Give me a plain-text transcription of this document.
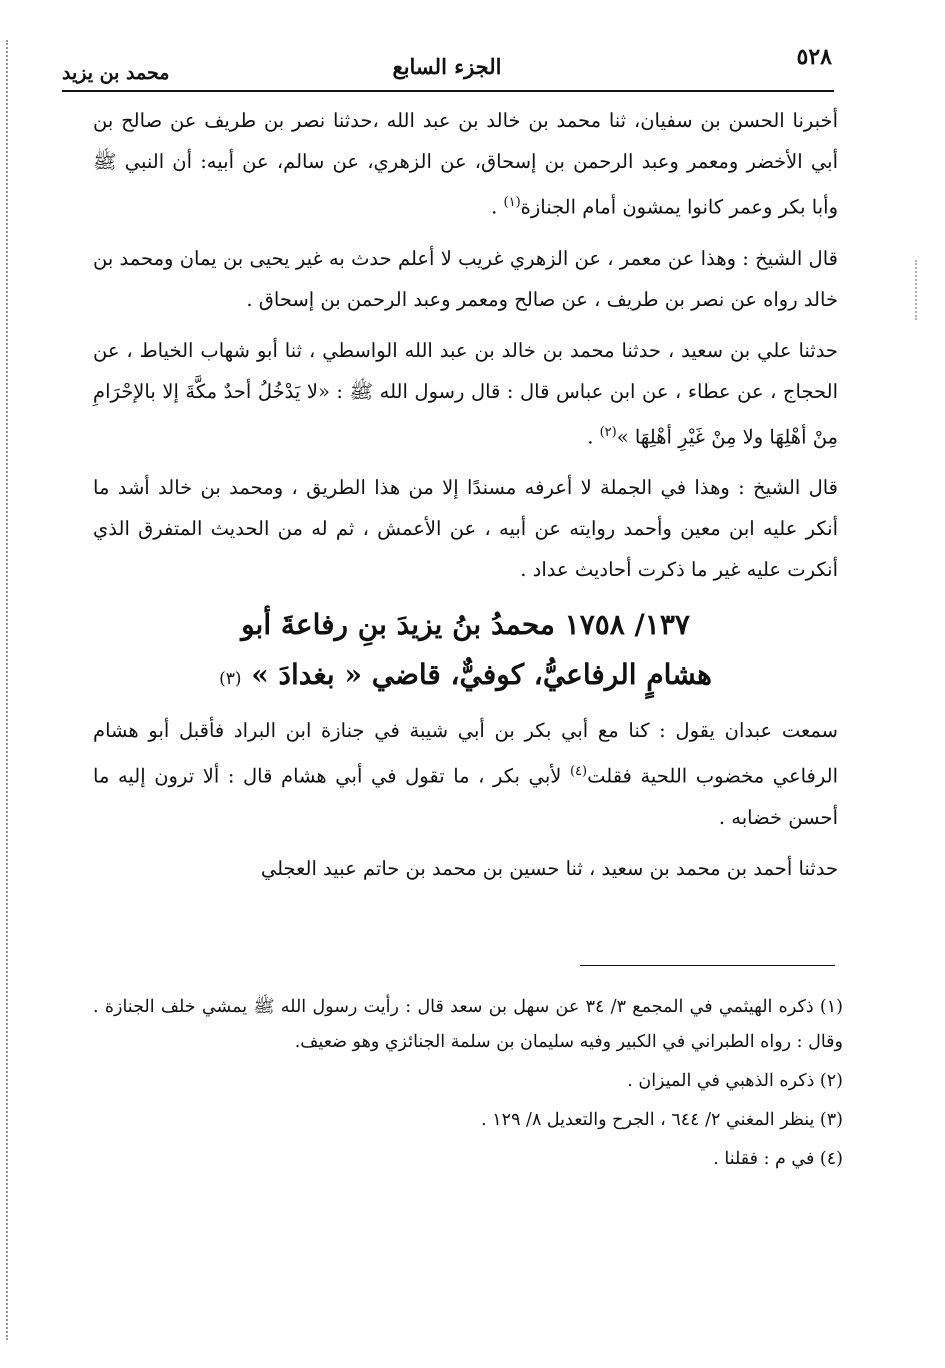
٥٢٨
الجزء السابع
محمد بن يزيد

أخبرنا الحسن بن سفيان، ثنا محمد بن خالد بن عبد الله ،حدثنا نصر بن طريف عن صالح بن أبي الأخضر ومعمر وعبد الرحمن بن إسحاق، عن الزهري، عن سالم، عن أبيه: أن النبي ﷺ وأبا بكر وعمر كانوا يمشون أمام الجنازة$^{(١)}$ .

قال الشيخ : وهذا عن معمر ، عن الزهري غريب لا أعلم حدث به غير يحيى بن يمان ومحمد بن خالد رواه عن نصر بن طريف ، عن صالح ومعمر وعبد الرحمن بن إسحاق .

حدثنا علي بن سعيد ، حدثنا محمد بن خالد بن عبد الله الواسطي ، ثنا أبو شهاب الخياط ، عن الحجاج ، عن عطاء ، عن ابن عباس قال : قال رسول الله ﷺ : «لا يَدْخُلُ أحدٌ مكَّةَ إلا بالإحْرَامِ مِنْ أهْلِهَا ولا مِنْ غَيْرِ أهْلِهَا »$^{(٢)}$ .

قال الشيخ : وهذا في الجملة لا أعرفه مسندًا إلا من هذا الطريق ، ومحمد بن خالد أشد ما أنكر عليه ابن معين وأحمد روايته عن أبيه ، عن الأعمش ، ثم له من الحديث المتفرق الذي أنكرت عليه غير ما ذكرت أحاديث عداد .

١٣٧/ ١٧٥٨ محمدُ بنُ يزيدَ بنِ رفاعةَ أبو
هشامٍ الرفاعيُّ، كوفيٌّ، قاضي « بغدادَ » (٣)

سمعت عبدان يقول : كنا مع أبي بكر بن أبي شيبة في جنازة ابن البراد فأقبل أبو هشام الرفاعي مخضوب اللحية فقلت$^{(٤)}$ لأبي بكر ، ما تقول في أبي هشام قال : ألا ترون إليه ما أحسن خضابه .

حدثنا أحمد بن محمد بن سعيد ، ثنا حسين بن محمد بن حاتم عبيد العجلي

(١) ذكره الهيثمي في المجمع ٣/ ٣٤ عن سهل بن سعد قال : رأيت رسول الله ﷺ يمشي خلف الجنازة . وقال : رواه الطبراني في الكبير وفيه سليمان بن سلمة الجنائزي وهو ضعيف.

(٢) ذكره الذهبي في الميزان .

(٣) ينظر المغني ٢/ ٦٤٤ ، الجرح والتعديل ٨/ ١٢٩ .

(٤) في م : فقلنا .
